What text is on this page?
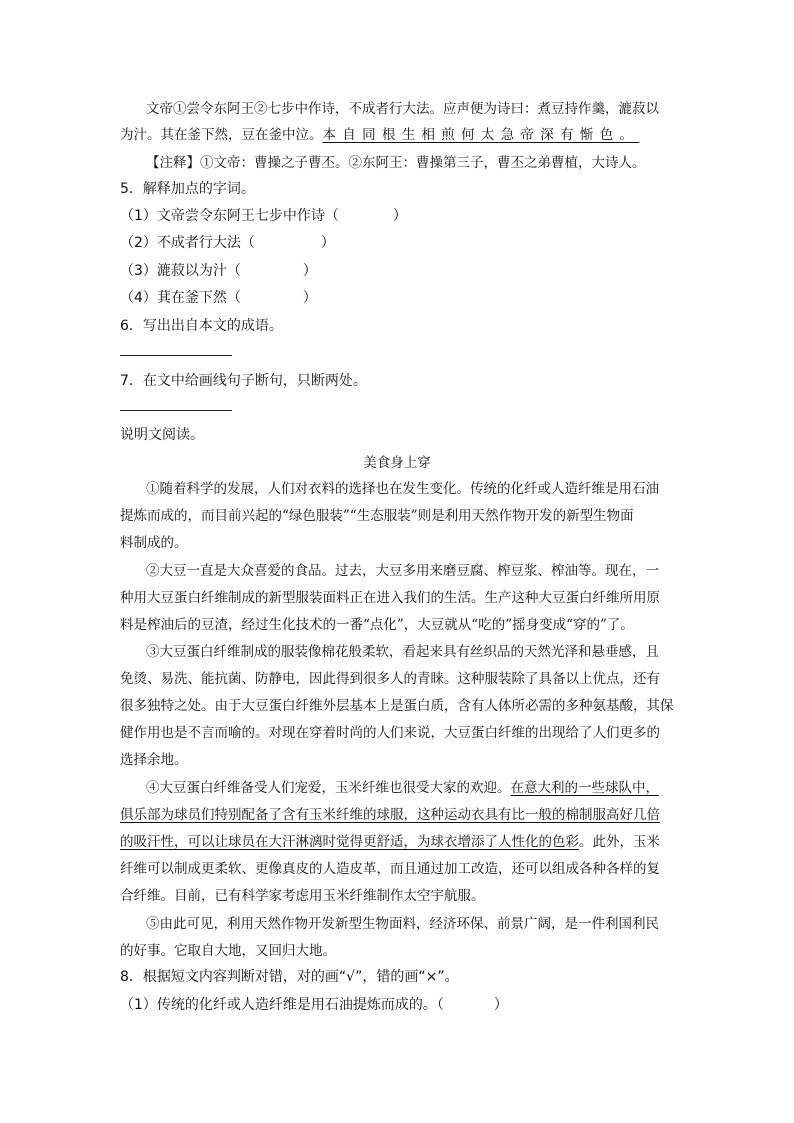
文帝①尝令东阿王②七步中作诗，不成者行大法。应声便为诗曰：煮豆持作羹，漉菽以
为汁。其在釜下然，豆在釜中泣。本自同根生相煎何太急帝深有惭色。
【注释】①文帝：曹操之子曹丕。②东阿王：曹操第三子，曹丕之弟曹植，大诗人。
5．解释加点的字词。
（1）文帝尝令东阿王七步中作诗（	）
（2）不成者行大法（	）
（3）漉菽以为汁（	）
（4）萁在釜下然（	）
6．写出出自本文的成语。
7．在文中给画线句子断句，只断两处。
说明文阅读。
美食身上穿
①随着科学的发展，人们对衣料的选择也在发生变化。传统的化纤或人造纤维是用石油
提炼而成的，而目前兴起的“绿色服装”“生态服装”则是利用天然作物开发的新型生物面
料制成的。
②大豆一直是大众喜爱的食品。过去，大豆多用来磨豆腐、榨豆浆、榨油等。现在，一
种用大豆蛋白纤维制成的新型服装面料正在进入我们的生活。生产这种大豆蛋白纤维所用原
料是榨油后的豆渣，经过生化技术的一番“点化”，大豆就从“吃的”摇身变成“穿的”了。
③大豆蛋白纤维制成的服装像棉花般柔软，看起来具有丝织品的天然光泽和悬垂感，且
免烫、易洗、能抗菌、防静电，因此得到很多人的青睐。这种服装除了具备以上优点，还有
很多独特之处。由于大豆蛋白纤维外层基本上是蛋白质，含有人体所必需的多种氨基酸，其保
健作用也是不言而喻的。对现在穿着时尚的人们来说，大豆蛋白纤维的出现给了人们更多的
选择余地。
④大豆蛋白纤维备受人们宠爱，玉米纤维也很受大家的欢迎。在意大利的一些球队中，
俱乐部为球员们特别配备了含有玉米纤维的球服，这种运动衣具有比一般的棉制服高好几倍
的吸汗性，可以让球员在大汗淋漓时觉得更舒适，为球衣增添了人性化的色彩。此外，玉米
纤维可以制成更柔软、更像真皮的人造皮革，而且通过加工改造，还可以组成各种各样的复
合纤维。目前，已有科学家考虑用玉米纤维制作太空宇航服。
⑤由此可见，利用天然作物开发新型生物面料，经济环保、前景广阔，是一件利国利民
的好事。它取自大地，又回归大地。
8．根据短文内容判断对错，对的画“√”，错的画“×”。
（1）传统的化纤或人造纤维是用石油提炼而成的。（	）
